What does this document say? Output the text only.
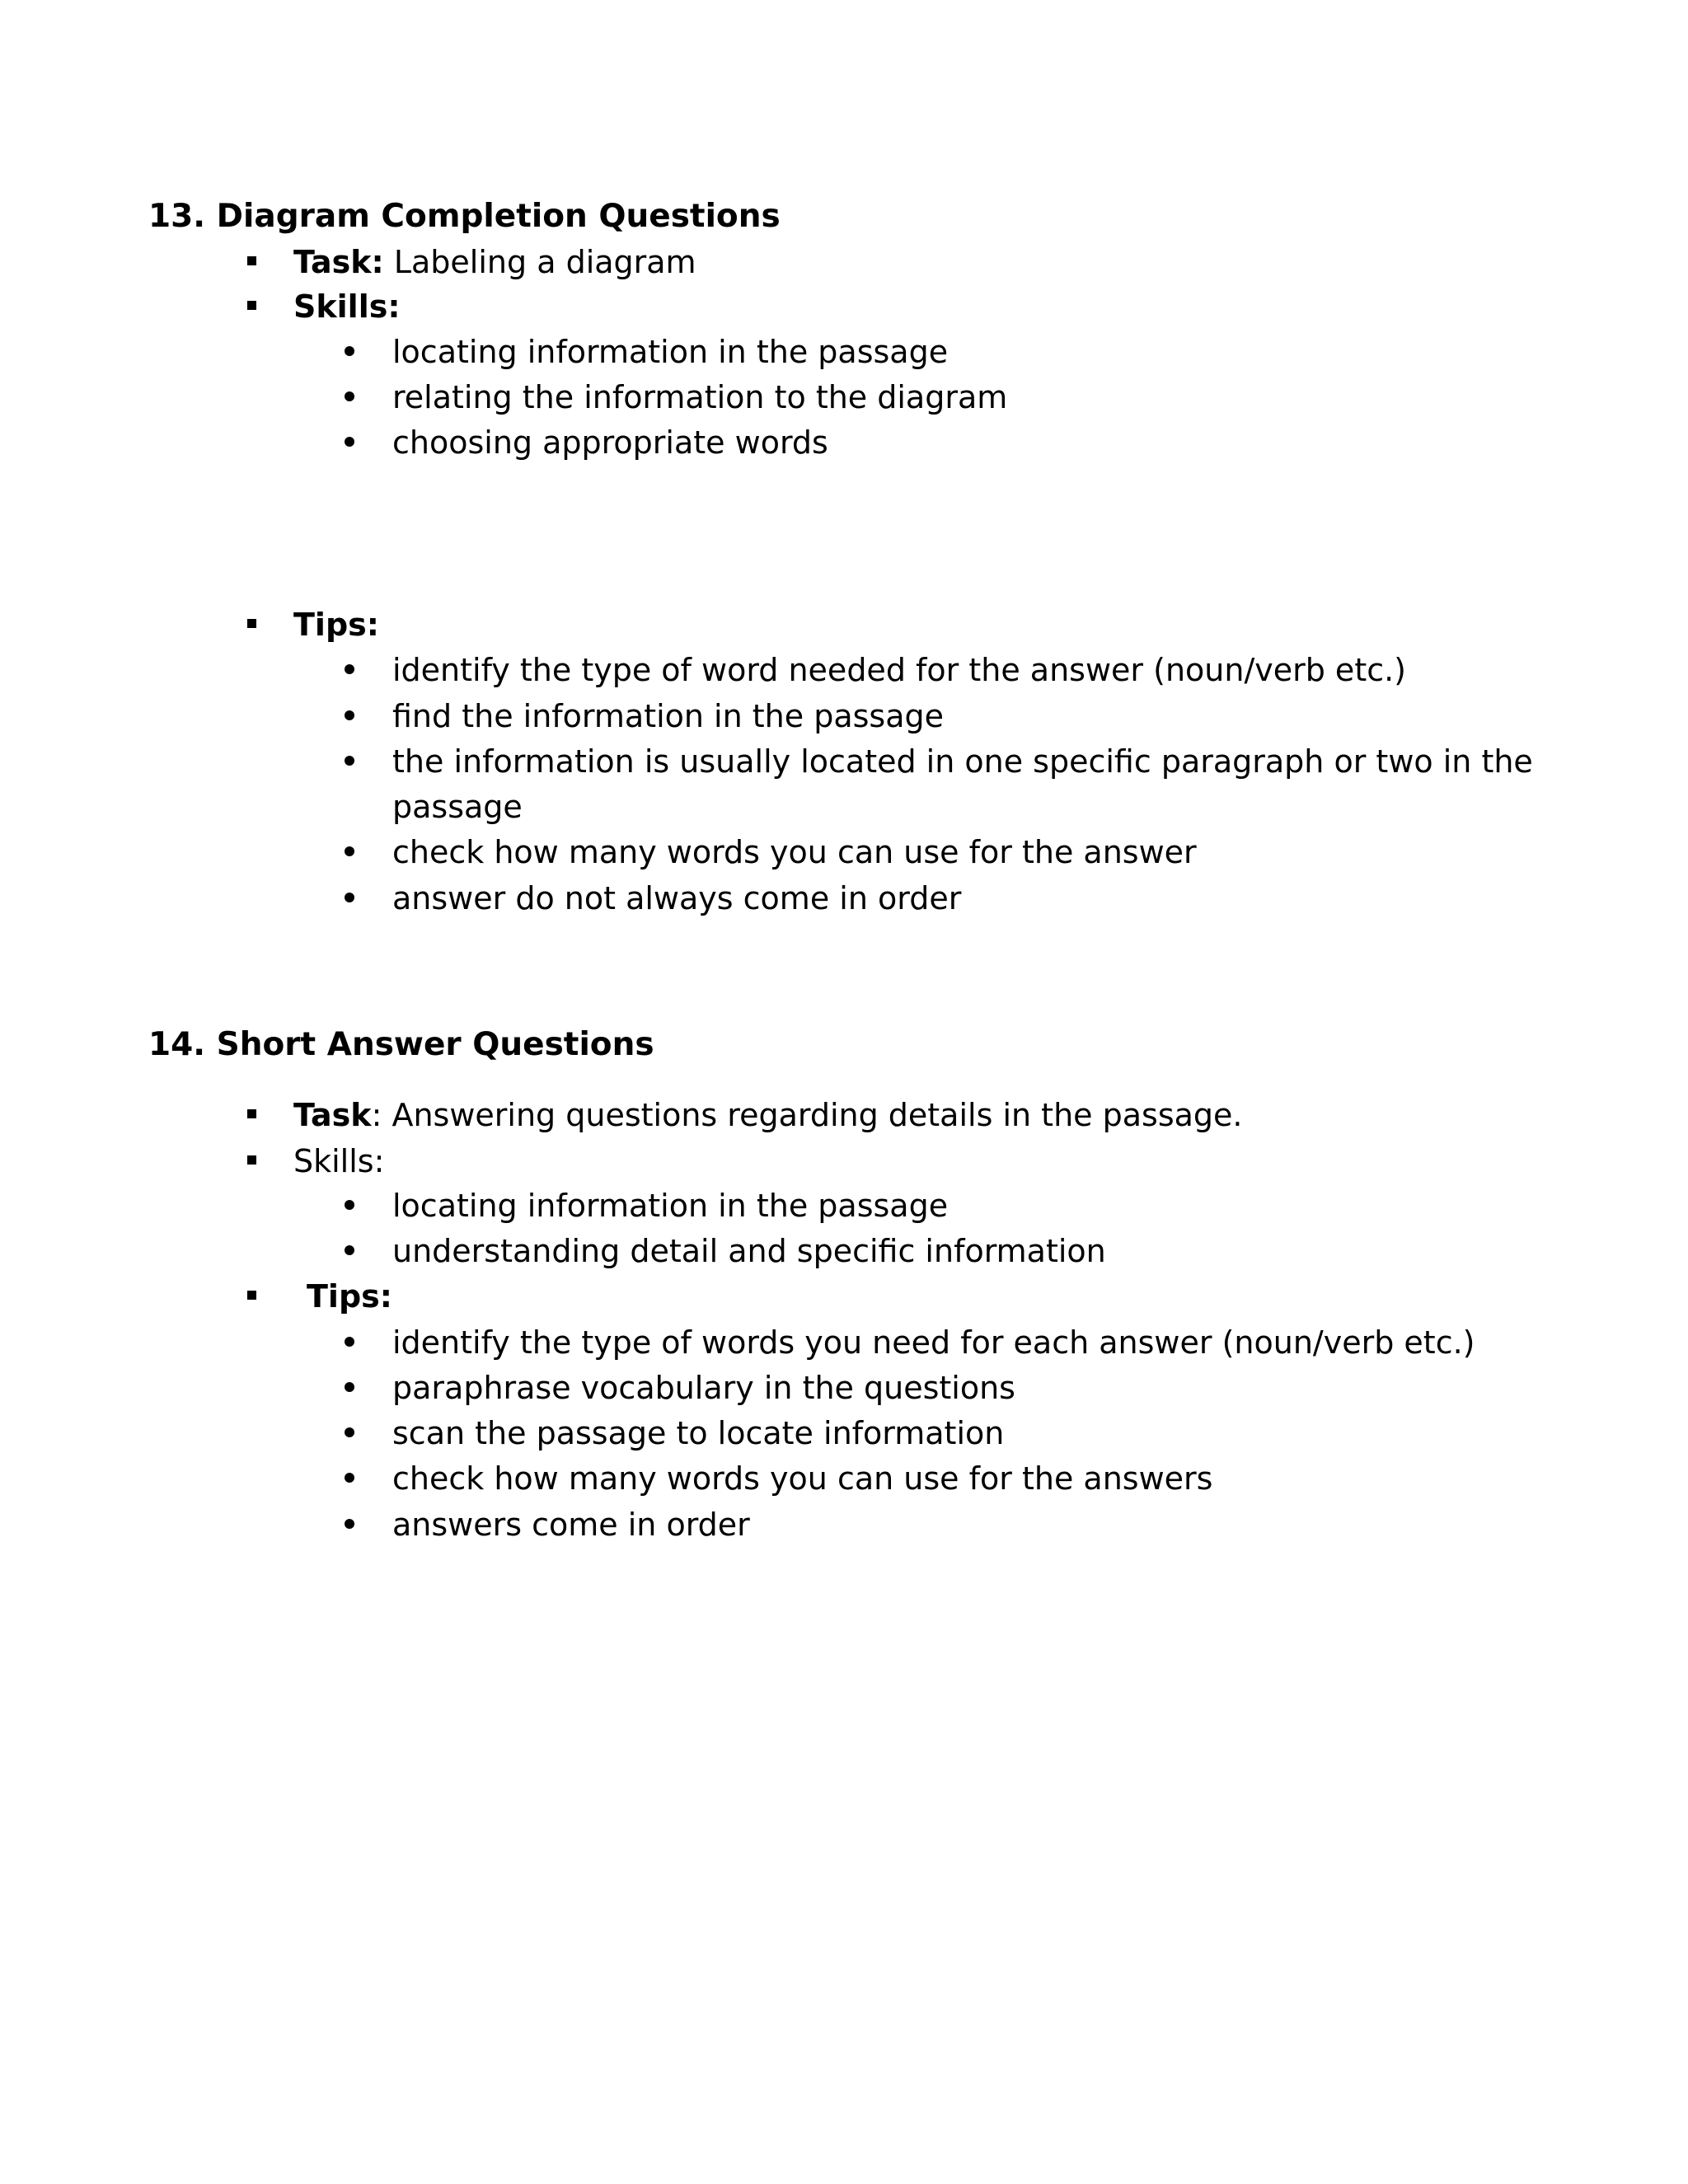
13. Diagram Completion Questions
Task: Labeling a diagram
Skills:
locating information in the passage
relating the information to the diagram
choosing appropriate words
Tips:
identify the type of word needed for the answer (noun/verb etc.)
find the information in the passage
the information is usually located in one specific paragraph or two in the
passage
check how many words you can use for the answer
answer do not always come in order
14. Short Answer Questions
Task: Answering questions regarding details in the passage.
Skills:
locating information in the passage
understanding detail and specific information
Tips:
identify the type of words you need for each answer (noun/verb etc.)
paraphrase vocabulary in the questions
scan the passage to locate information
check how many words you can use for the answers
answers come in order
